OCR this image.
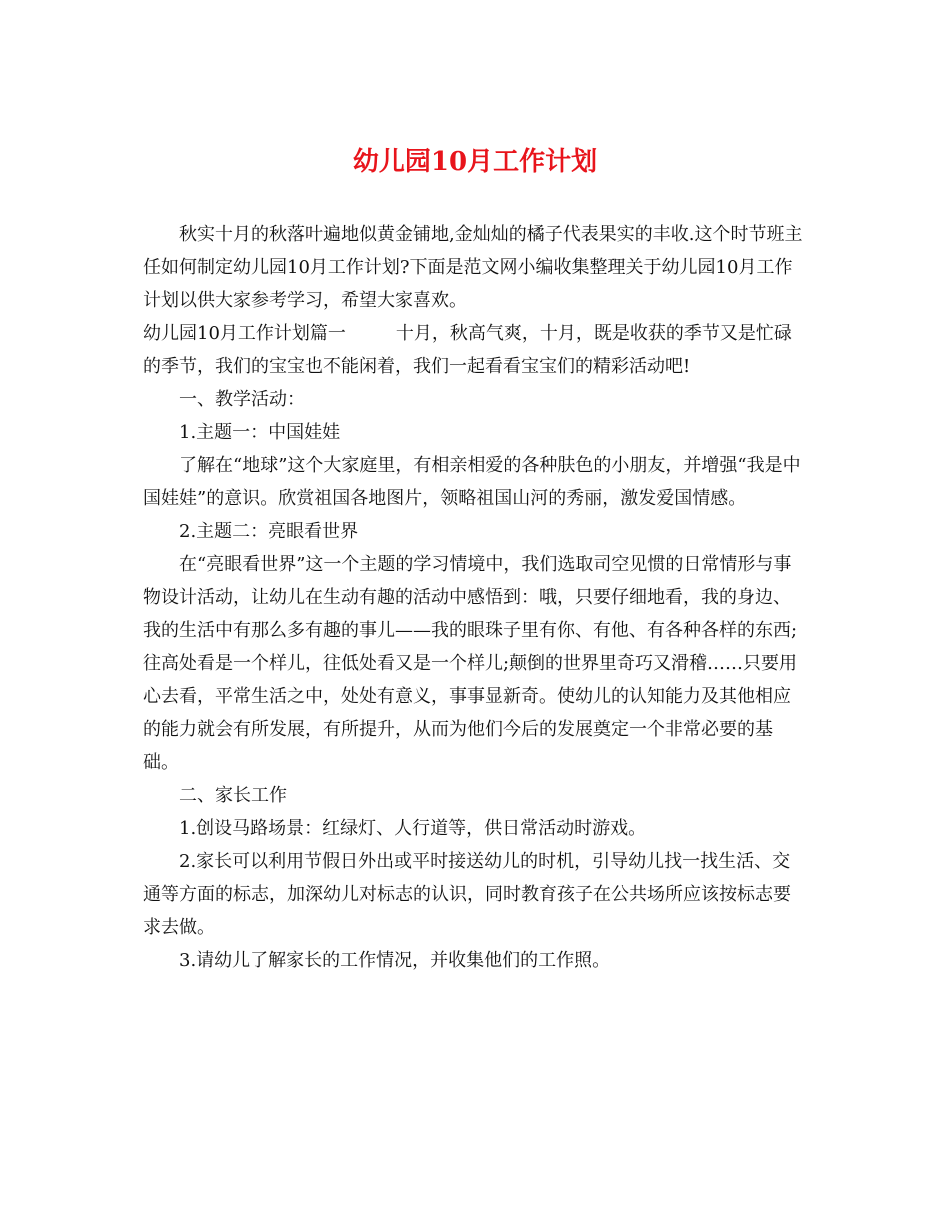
幼儿园10月工作计划

秋实十月的秋落叶遍地似黄金铺地,金灿灿的橘子代表果实的丰收.这个时节班主任如何制定幼儿园10月工作计划?下面是范文网小编收集整理关于幼儿园10月工作计划以供大家参考学习，希望大家喜欢。

幼儿园10月工作计划篇一	十月，秋高气爽，十月，既是收获的季节又是忙碌的季节，我们的宝宝也不能闲着，我们一起看看宝宝们的精彩活动吧!

一、教学活动：

1.主题一：中国娃娃

了解在“地球”这个大家庭里，有相亲相爱的各种肤色的小朋友，并增强“我是中国娃娃”的意识。欣赏祖国各地图片，领略祖国山河的秀丽，激发爱国情感。

2.主题二：亮眼看世界

在“亮眼看世界”这一个主题的学习情境中，我们选取司空见惯的日常情形与事物设计活动，让幼儿在生动有趣的活动中感悟到：哦，只要仔细地看，我的身边、我的生活中有那么多有趣的事儿——我的眼珠子里有你、有他、有各种各样的东西;往高处看是一个样儿，往低处看又是一个样儿;颠倒的世界里奇巧又滑稽……只要用心去看，平常生活之中，处处有意义，事事显新奇。使幼儿的认知能力及其他相应的能力就会有所发展，有所提升，从而为他们今后的发展奠定一个非常必要的基础。

二、家长工作

1.创设马路场景：红绿灯、人行道等，供日常活动时游戏。

2.家长可以利用节假日外出或平时接送幼儿的时机，引导幼儿找一找生活、交通等方面的标志，加深幼儿对标志的认识，同时教育孩子在公共场所应该按标志要求去做。

3.请幼儿了解家长的工作情况，并收集他们的工作照。
